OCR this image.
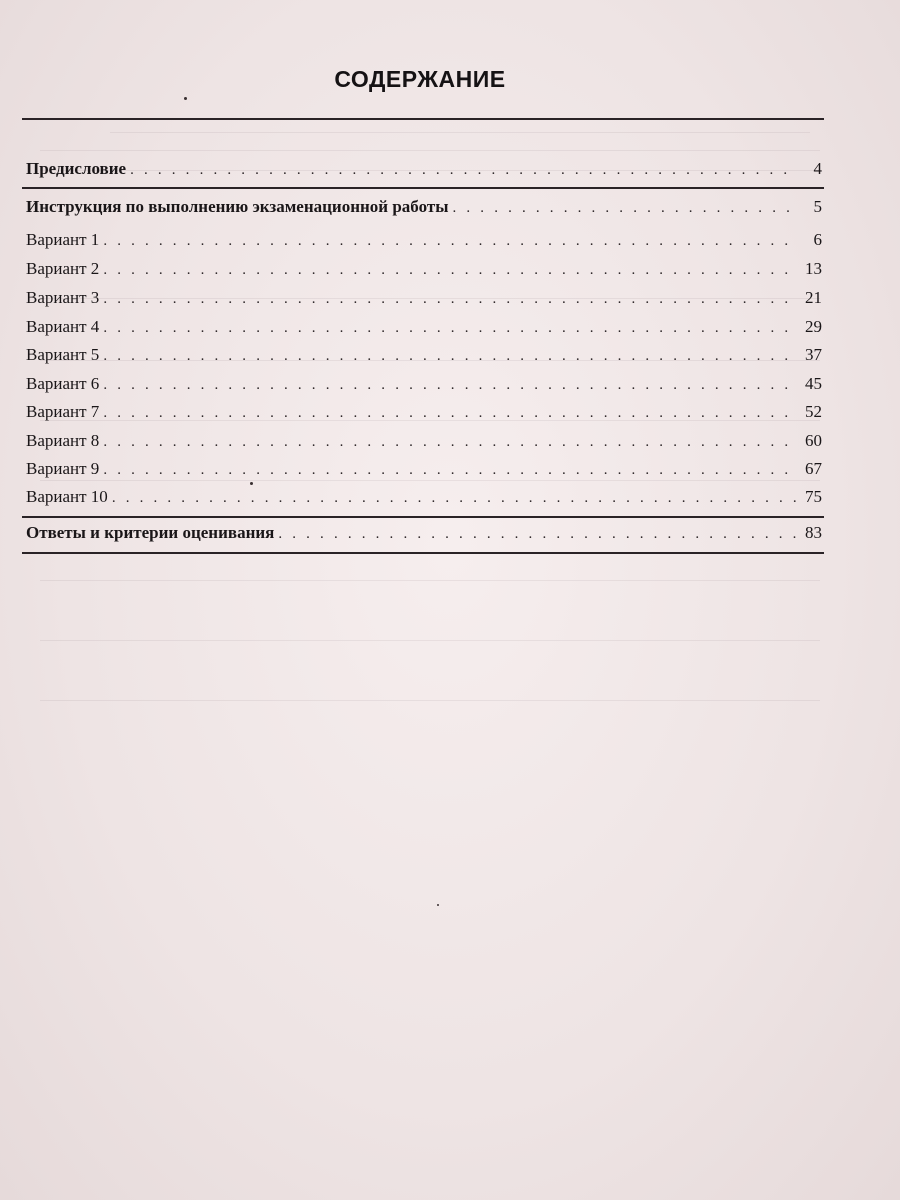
СОДЕРЖАНИЕ
Предисловие . . .	4
Инструкция по выполнению экзаменационной работы . . .	5
Вариант 1 . . .	6
Вариант 2 . . .	13
Вариант 3 . . .	21
Вариант 4 . . .	29
Вариант 5 . . .	37
Вариант 6 . . .	45
Вариант 7 . . .	52
Вариант 8 . . .	60
Вариант 9 . . .	67
Вариант 10 . . .	75
Ответы и критерии оценивания . . .	83
